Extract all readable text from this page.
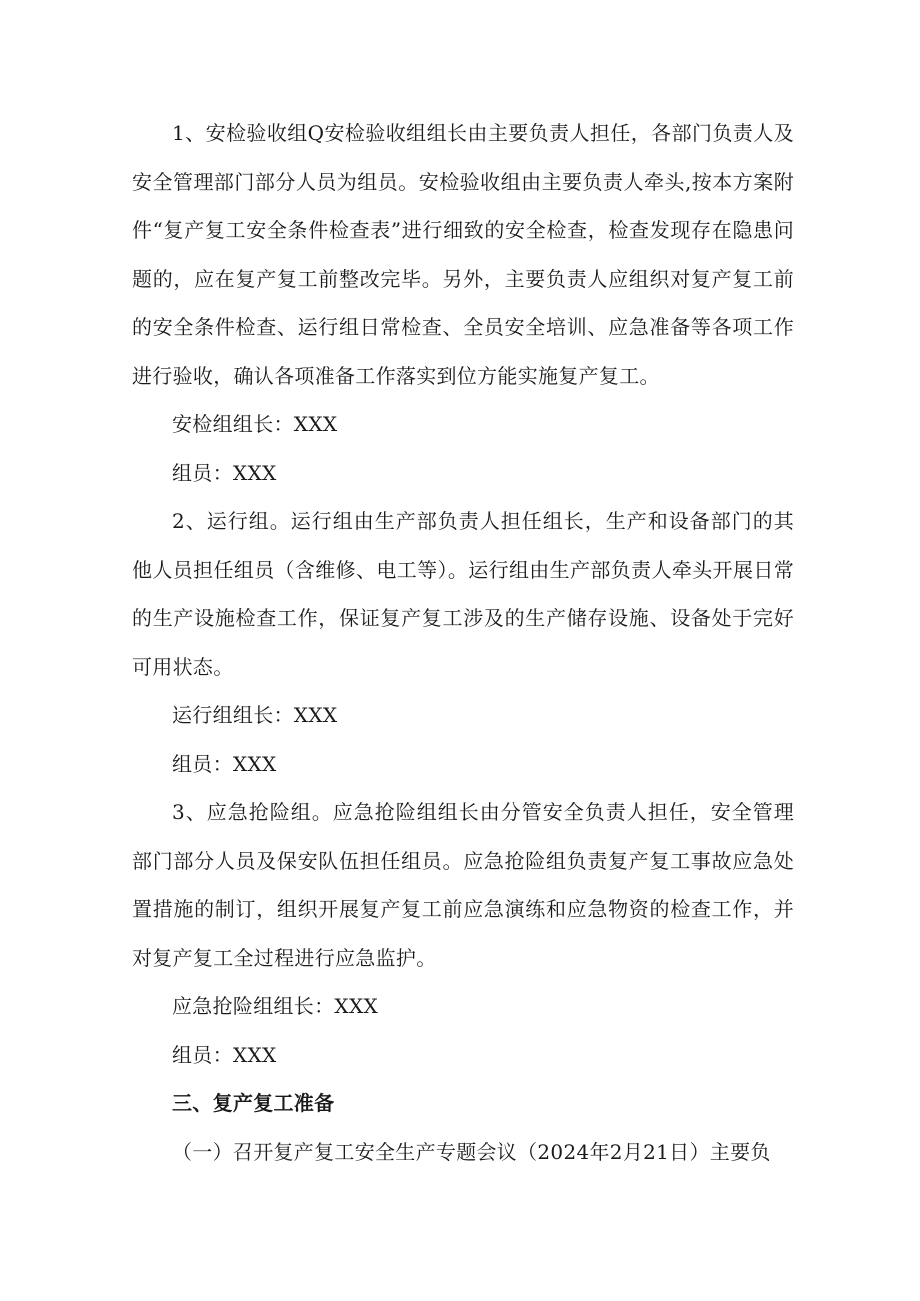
1、安检验收组Q安检验收组组长由主要负责人担任，各部门负责人及安全管理部门部分人员为组员。安检验收组由主要负责人牵头,按本方案附件“复产复工安全条件检查表”进行细致的安全检查，检查发现存在隐患问题的，应在复产复工前整改完毕。另外，主要负责人应组织对复产复工前的安全条件检查、运行组日常检查、全员安全培训、应急准备等各项工作进行验收，确认各项准备工作落实到位方能实施复产复工。

安检组组长：XXX

组员：XXX

2、运行组。运行组由生产部负责人担任组长，生产和设备部门的其他人员担任组员（含维修、电工等）。运行组由生产部负责人牵头开展日常的生产设施检查工作，保证复产复工涉及的生产储存设施、设备处于完好可用状态。

运行组组长：XXX

组员：XXX

3、应急抢险组。应急抢险组组长由分管安全负责人担任，安全管理部门部分人员及保安队伍担任组员。应急抢险组负责复产复工事故应急处置措施的制订，组织开展复产复工前应急演练和应急物资的检查工作，并对复产复工全过程进行应急监护。

应急抢险组组长：XXX

组员：XXX

三、复产复工准备

（一）召开复产复工安全生产专题会议（2024年2月21日）主要负
